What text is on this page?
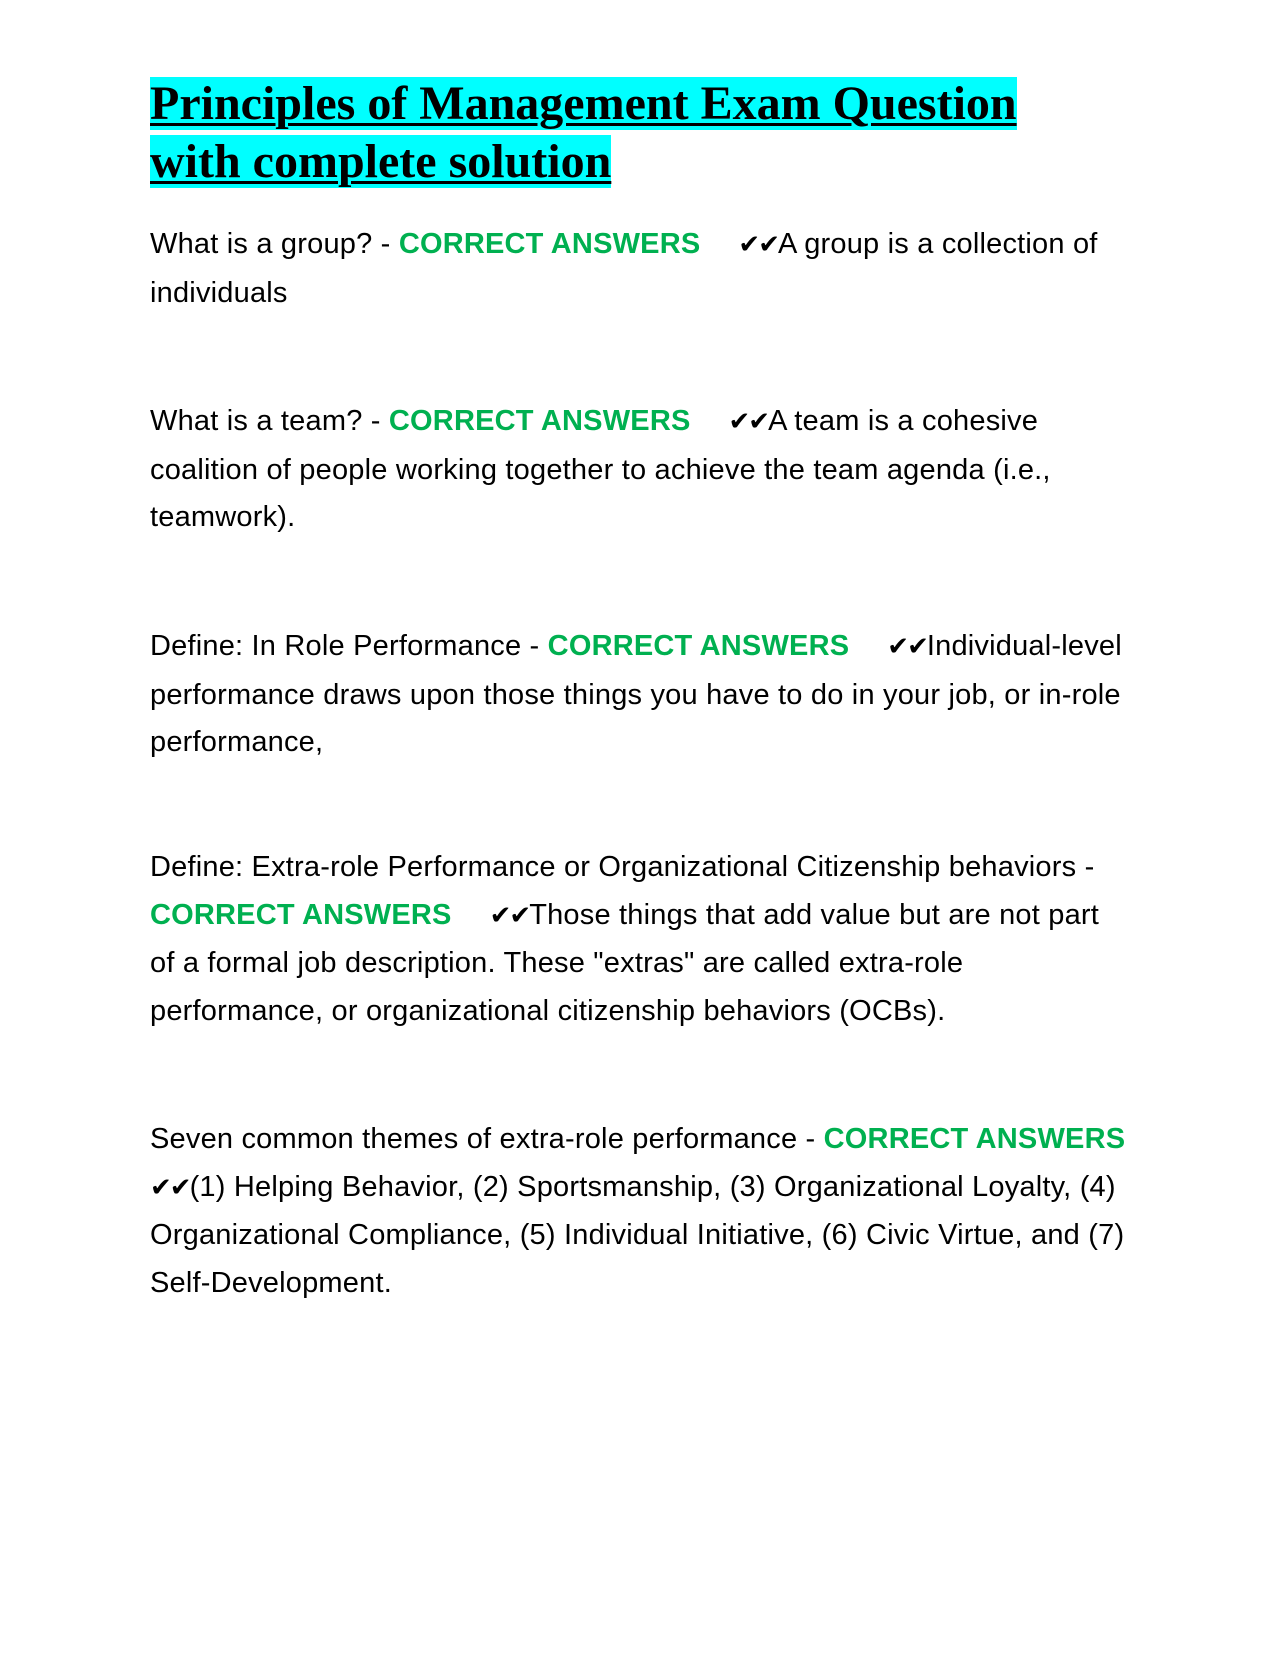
Principles of Management Exam Question
with complete solution
What is a group? - CORRECT ANSWERS ✔✔A group is a collection of individuals
What is a team? - CORRECT ANSWERS ✔✔A team is a cohesive coalition of people working together to achieve the team agenda (i.e., teamwork).
Define: In Role Performance - CORRECT ANSWERS ✔✔Individual-level performance draws upon those things you have to do in your job, or in-role performance,
Define: Extra-role Performance or Organizational Citizenship behaviors - CORRECT ANSWERS ✔✔Those things that add value but are not part of a formal job description. These "extras" are called extra-role performance, or organizational citizenship behaviors (OCBs).
Seven common themes of extra-role performance - CORRECT ANSWERS
✔✔(1) Helping Behavior, (2) Sportsmanship, (3) Organizational Loyalty, (4) Organizational Compliance, (5) Individual Initiative, (6) Civic Virtue, and (7) Self-Development.
